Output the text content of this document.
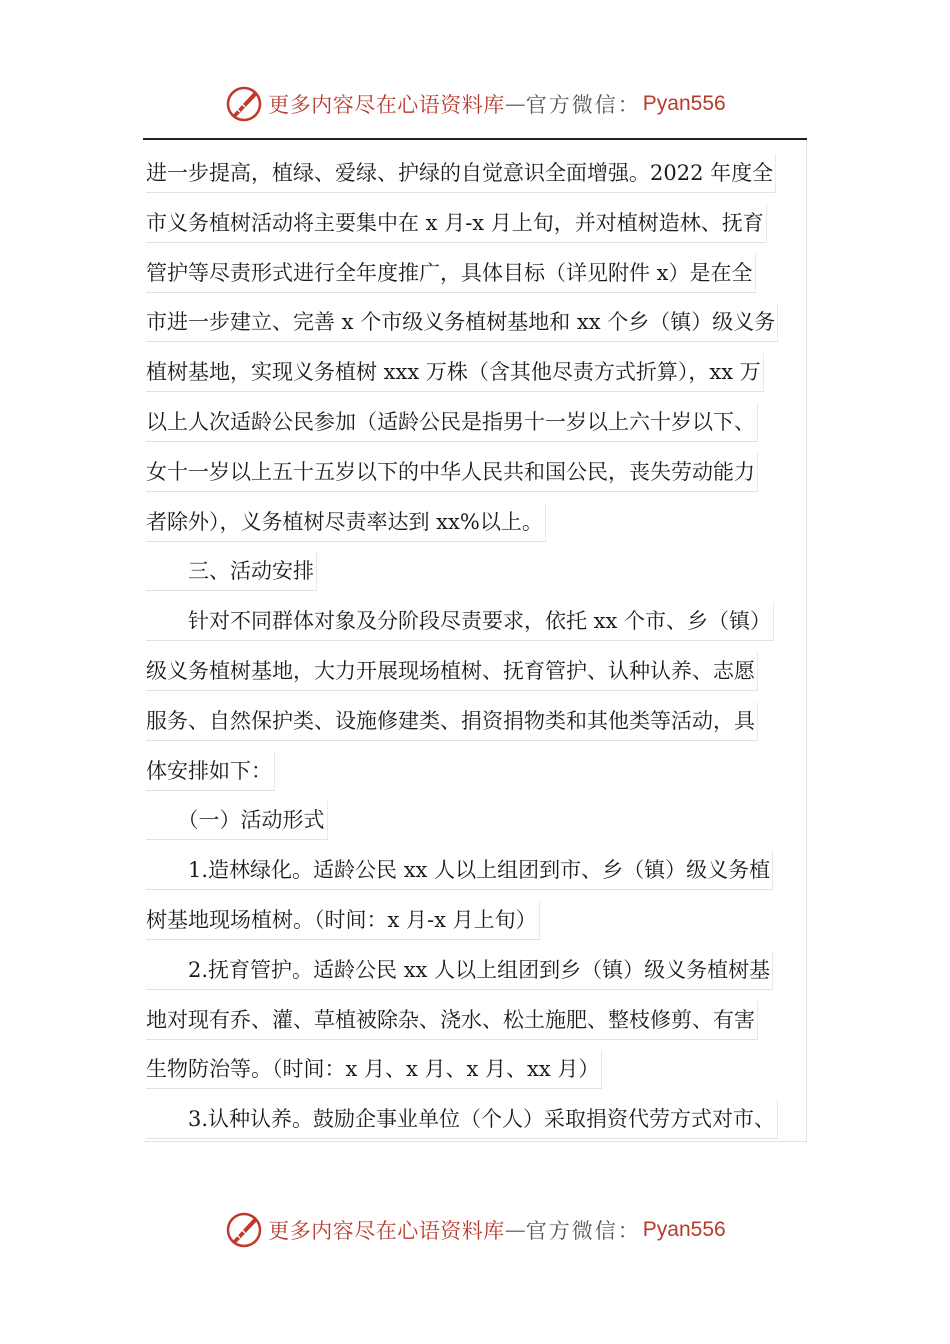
更多内容尽在心语资料库 — 官方微信： Pyan556
进一步提高，植绿、爱绿、护绿的自觉意识全面增强。2022 年度全
市义务植树活动将主要集中在 x 月-x 月上旬，并对植树造林、抚育
管护等尽责形式进行全年度推广，具体目标（详见附件 x）是在全
市进一步建立、完善 x 个市级义务植树基地和 xx 个乡（镇）级义务
植树基地，实现义务植树 xxx 万株（含其他尽责方式折算），xx 万
以上人次适龄公民参加（适龄公民是指男十一岁以上六十岁以下、
女十一岁以上五十五岁以下的中华人民共和国公民，丧失劳动能力
者除外），义务植树尽责率达到 xx%以上。
　　三、活动安排
　　针对不同群体对象及分阶段尽责要求，依托 xx 个市、乡（镇）
级义务植树基地，大力开展现场植树、抚育管护、认种认养、志愿
服务、自然保护类、设施修建类、捐资捐物类和其他类等活动，具
体安排如下：
　　（一）活动形式
　　1.造林绿化。适龄公民 xx 人以上组团到市、乡（镇）级义务植
树基地现场植树。（时间：x 月-x 月上旬）
　　2.抚育管护。适龄公民 xx 人以上组团到乡（镇）级义务植树基
地对现有乔、灌、草植被除杂、浇水、松土施肥、整枝修剪、有害
生物防治等。（时间：x 月、x 月、x 月、xx 月）
　　3.认种认养。鼓励企事业单位（个人）采取捐资代劳方式对市、
更多内容尽在心语资料库 — 官方微信： Pyan556
